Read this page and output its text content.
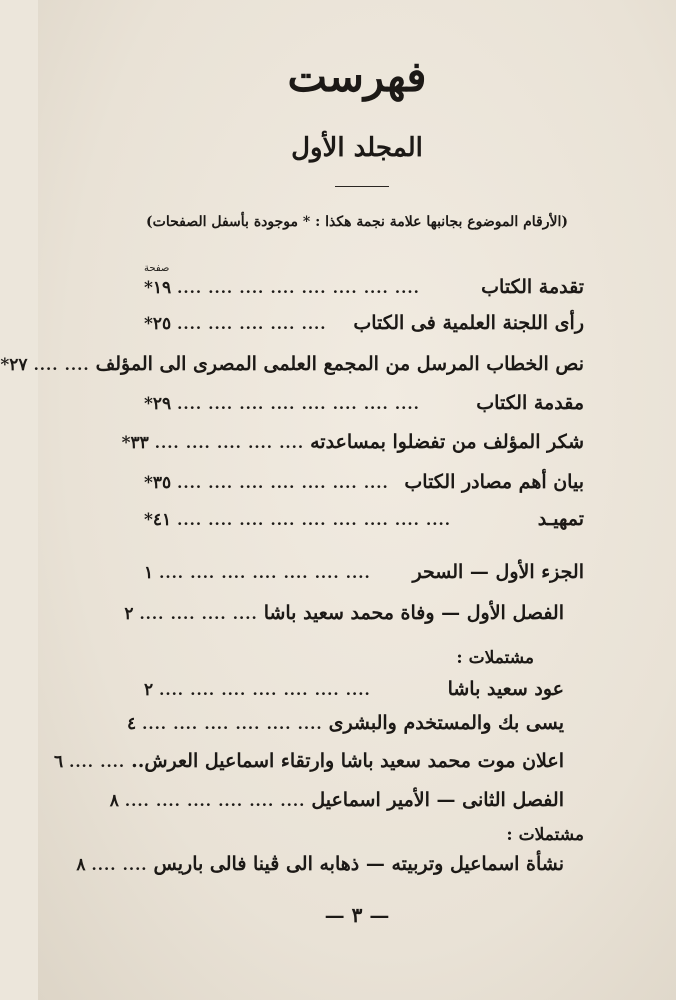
فهرست
المجلد الأول
(الأرقام الموضوع بجانبها علامة نجمة هكذا : * موجودة بأسفل الصفحات)
صفحة
تقدمة الكتاب
.... .... .... .... .... .... .... ....
*١٩
رأى اللجنة العلمية فى الكتاب
.... .... .... .... ....
*٢٥
نص الخطاب المرسل من المجمع العلمى المصرى الى المؤلف
.... ....
*٢٧
مقدمة الكتاب
.... .... .... .... .... .... .... ....
*٢٩
شكر المؤلف من تفضلوا بمساعدته
.... .... .... .... ....
*٣٣
بيان أهم مصادر الكتاب
.... .... .... .... .... .... ....
*٣٥
تمهيـد
.... .... .... .... .... .... .... .... ....
*٤١
الجزء الأول — السحر
.... .... .... .... .... .... ....
١
الفصل الأول — وفاة محمد سعيد باشا
.... .... .... ....
٢
مشتملات :
عود سعيد باشا
.... .... .... .... .... .... ....
٢
يسى بك والمستخدم والبشرى
.... .... .... .... .... ....
٤
اعلان موت محمد سعيد باشا وارتقاء اسماعيل العرش..
.... ....
٦
الفصل الثانى — الأمير اسماعيل
.... .... .... .... .... ....
٨
مشتملات :
نشأة اسماعيل وتربيته — ذهابه الى ڤينا فالى باريس
.... ....
٨
— ٣ —
